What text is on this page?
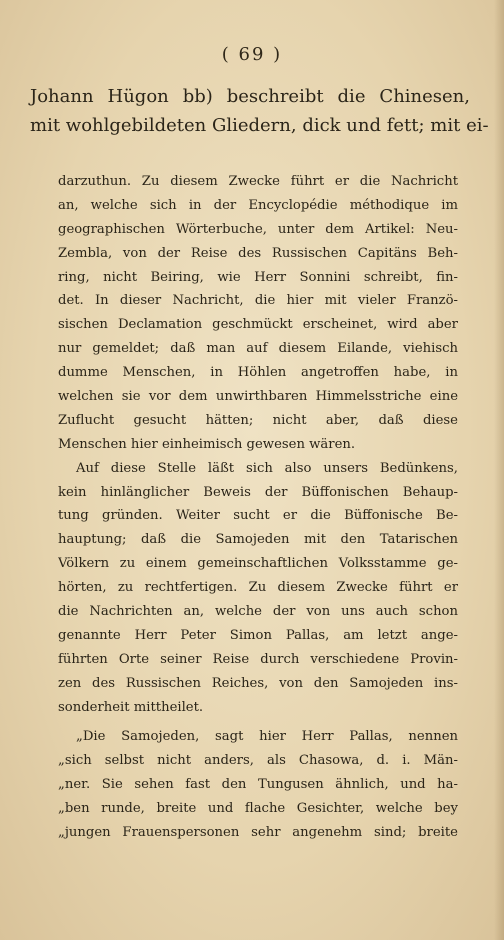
( 69 )
Johann Hügon bb) beschreibt die Chinesen,
mit wohlgebildeten Gliedern, dick und fett; mit ei-
darzuthun. Zu diesem Zwecke führt er die Nachricht
an, welche sich in der Encyclopédie méthodique im
geographischen Wörterbuche, unter dem Artikel: Neu-
Zembla, von der Reise des Russischen Capitäns Beh-
ring, nicht Beiring, wie Herr Sonnini schreibt, fin-
det. In dieser Nachricht, die hier mit vieler Franzö-
sischen Declamation geschmückt erscheinet, wird aber
nur gemeldet; daß man auf diesem Eilande, viehisch
dumme Menschen, in Höhlen angetroffen habe, in
welchen sie vor dem unwirthbaren Himmelsstriche eine
Zuflucht gesucht hätten; nicht aber, daß diese
Menschen hier einheimisch gewesen wären.
Auf diese Stelle läßt sich also unsers Bedünkens,
kein hinlänglicher Beweis der Büffonischen Behaup-
tung gründen. Weiter sucht er die Büffonische Be-
hauptung; daß die Samojeden mit den Tatarischen
Völkern zu einem gemeinschaftlichen Volksstamme ge-
hörten, zu rechtfertigen. Zu diesem Zwecke führt er
die Nachrichten an, welche der von uns auch schon
genannte Herr Peter Simon Pallas, am letzt ange-
führten Orte seiner Reise durch verschiedene Provin-
zen des Russischen Reiches, von den Samojeden ins-
sonderheit mittheilet.
„Die Samojeden, sagt hier Herr Pallas, nennen
„sich selbst nicht anders, als Chasowa, d. i. Män-
„ner. Sie sehen fast den Tungusen ähnlich, und ha-
„ben runde, breite und flache Gesichter, welche bey
„jungen Frauenspersonen sehr angenehm sind; breite
